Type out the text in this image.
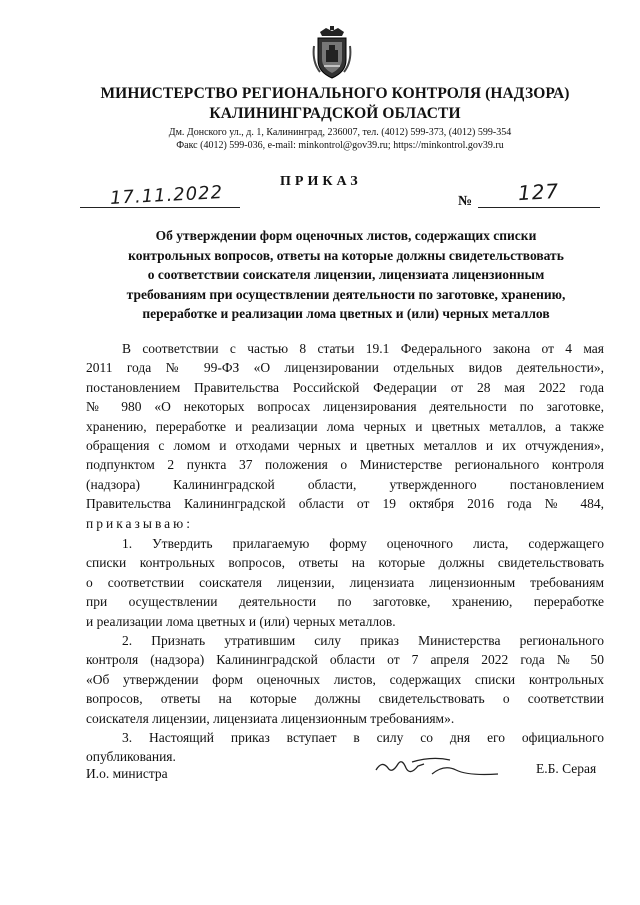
МИНИСТЕРСТВО РЕГИОНАЛЬНОГО КОНТРОЛЯ (НАДЗОРА)
КАЛИНИНГРАДСКОЙ ОБЛАСТИ
Дм. Донского ул., д. 1, Калининград, 236007, тел. (4012) 599-373, (4012) 599-354
Факс (4012) 599-036, e-mail: minkontrol@gov39.ru; https://minkontrol.gov39.ru
ПРИКАЗ
17.11.2022	№ 127
Об утверждении форм оценочных листов, содержащих списки
контрольных вопросов, ответы на которые должны свидетельствовать
о соответствии соискателя лицензии, лицензиата лицензионным
требованиям при осуществлении деятельности по заготовке, хранению,
переработке и реализации лома цветных и (или) черных металлов
В соответствии с частью 8 статьи 19.1 Федерального закона от 4 мая
2011 года № 99-ФЗ «О лицензировании отдельных видов деятельности»,
постановлением Правительства Российской Федерации от 28 мая 2022 года
№ 980 «О некоторых вопросах лицензирования деятельности по заготовке,
хранению, переработке и реализации лома черных и цветных металлов, а также
обращения с ломом и отходами черных и цветных металлов и их отчуждения»,
подпунктом 2 пункта 37 положения о Министерстве регионального контроля
(надзора) Калининградской области, утвержденного постановлением
Правительства Калининградской области от 19 октября 2016 года № 484,
приказываю:
1. Утвердить прилагаемую форму оценочного листа, содержащего
списки контрольных вопросов, ответы на которые должны свидетельствовать
о соответствии соискателя лицензии, лицензиата лицензионным требованиям
при осуществлении деятельности по заготовке, хранению, переработке
и реализации лома цветных и (или) черных металлов.
2. Признать утратившим силу приказ Министерства регионального
контроля (надзора) Калининградской области от 7 апреля 2022 года № 50
«Об утверждении форм оценочных листов, содержащих списки контрольных
вопросов, ответы на которые должны свидетельствовать о соответствии
соискателя лицензии, лицензиата лицензионным требованиям».
3. Настоящий приказ вступает в силу со дня его официального
опубликования.
И.о. министра	Е.Б. Серая
